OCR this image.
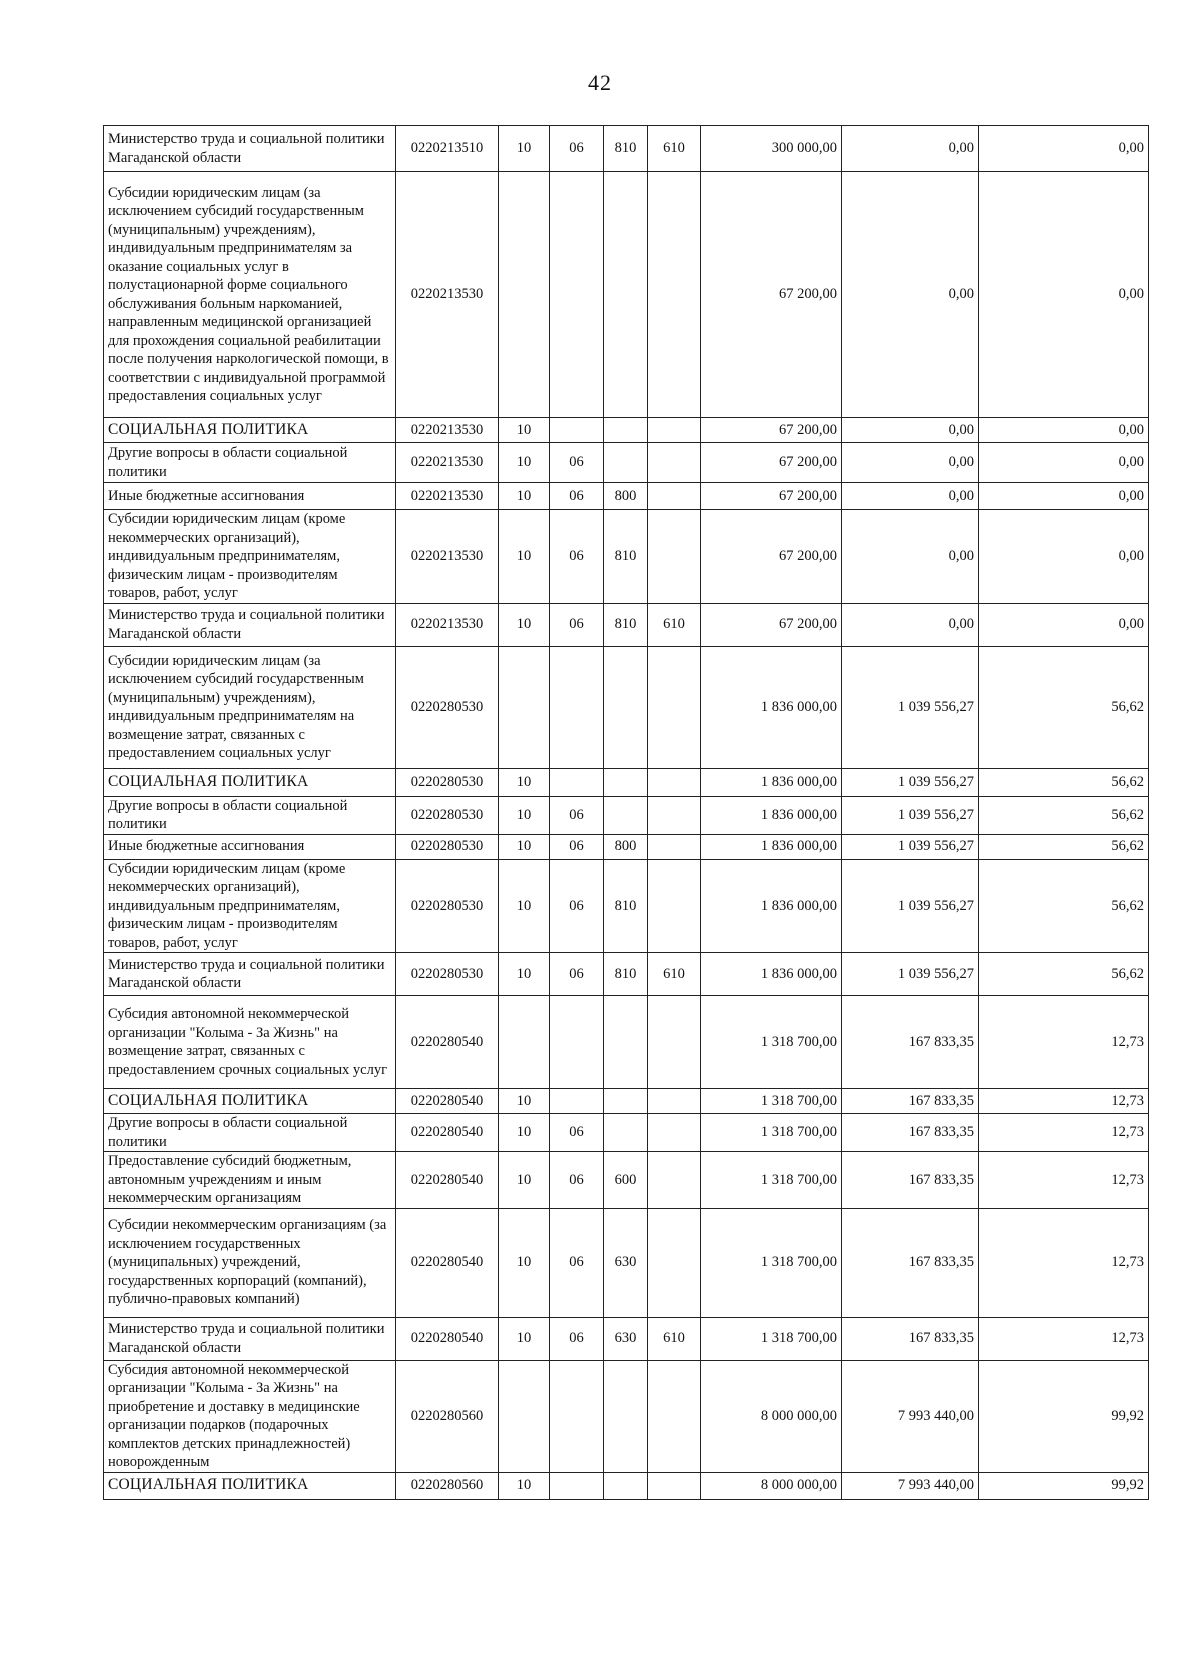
42
Министерство труда и социальной политики Магаданской области	0220213510	10	06	810	610	300 000,00	0,00	0,00
Субсидии юридическим лицам (за исключением субсидий государственным (муниципальным) учреждениям), индивидуальным предпринимателям за оказание социальных услуг в полустационарной форме социального обслуживания больным наркоманией, направленным медицинской организацией для прохождения социальной реабилитации после получения наркологической помощи, в соответствии с индивидуальной программой предоставления социальных услуг	0220213530					67 200,00	0,00	0,00
СОЦИАЛЬНАЯ ПОЛИТИКА	0220213530	10				67 200,00	0,00	0,00
Другие вопросы в области социальной политики	0220213530	10	06			67 200,00	0,00	0,00
Иные бюджетные ассигнования	0220213530	10	06	800		67 200,00	0,00	0,00
Субсидии юридическим лицам (кроме некоммерческих организаций), индивидуальным предпринимателям, физическим лицам - производителям товаров, работ, услуг	0220213530	10	06	810		67 200,00	0,00	0,00
Министерство труда и социальной политики Магаданской области	0220213530	10	06	810	610	67 200,00	0,00	0,00
Субсидии юридическим лицам (за исключением субсидий государственным (муниципальным) учреждениям), индивидуальным предпринимателям на возмещение затрат, связанных с предоставлением социальных услуг	0220280530					1 836 000,00	1 039 556,27	56,62
СОЦИАЛЬНАЯ ПОЛИТИКА	0220280530	10				1 836 000,00	1 039 556,27	56,62
Другие вопросы в области социальной политики	0220280530	10	06			1 836 000,00	1 039 556,27	56,62
Иные бюджетные ассигнования	0220280530	10	06	800		1 836 000,00	1 039 556,27	56,62
Субсидии юридическим лицам (кроме некоммерческих организаций), индивидуальным предпринимателям, физическим лицам - производителям товаров, работ, услуг	0220280530	10	06	810		1 836 000,00	1 039 556,27	56,62
Министерство труда и социальной политики Магаданской области	0220280530	10	06	810	610	1 836 000,00	1 039 556,27	56,62
Субсидия автономной некоммерческой организации "Колыма - За Жизнь" на возмещение затрат, связанных с предоставлением срочных социальных услуг	0220280540					1 318 700,00	167 833,35	12,73
СОЦИАЛЬНАЯ ПОЛИТИКА	0220280540	10				1 318 700,00	167 833,35	12,73
Другие вопросы в области социальной политики	0220280540	10	06			1 318 700,00	167 833,35	12,73
Предоставление субсидий бюджетным, автономным учреждениям и иным некоммерческим организациям	0220280540	10	06	600		1 318 700,00	167 833,35	12,73
Субсидии некоммерческим организациям (за исключением государственных (муниципальных) учреждений, государственных корпораций (компаний), публично-правовых компаний)	0220280540	10	06	630		1 318 700,00	167 833,35	12,73
Министерство труда и социальной политики Магаданской области	0220280540	10	06	630	610	1 318 700,00	167 833,35	12,73
Субсидия автономной некоммерческой организации "Колыма - За Жизнь" на приобретение и доставку в медицинские организации подарков (подарочных комплектов детских принадлежностей) новорожденным	0220280560					8 000 000,00	7 993 440,00	99,92
СОЦИАЛЬНАЯ ПОЛИТИКА	0220280560	10				8 000 000,00	7 993 440,00	99,92
